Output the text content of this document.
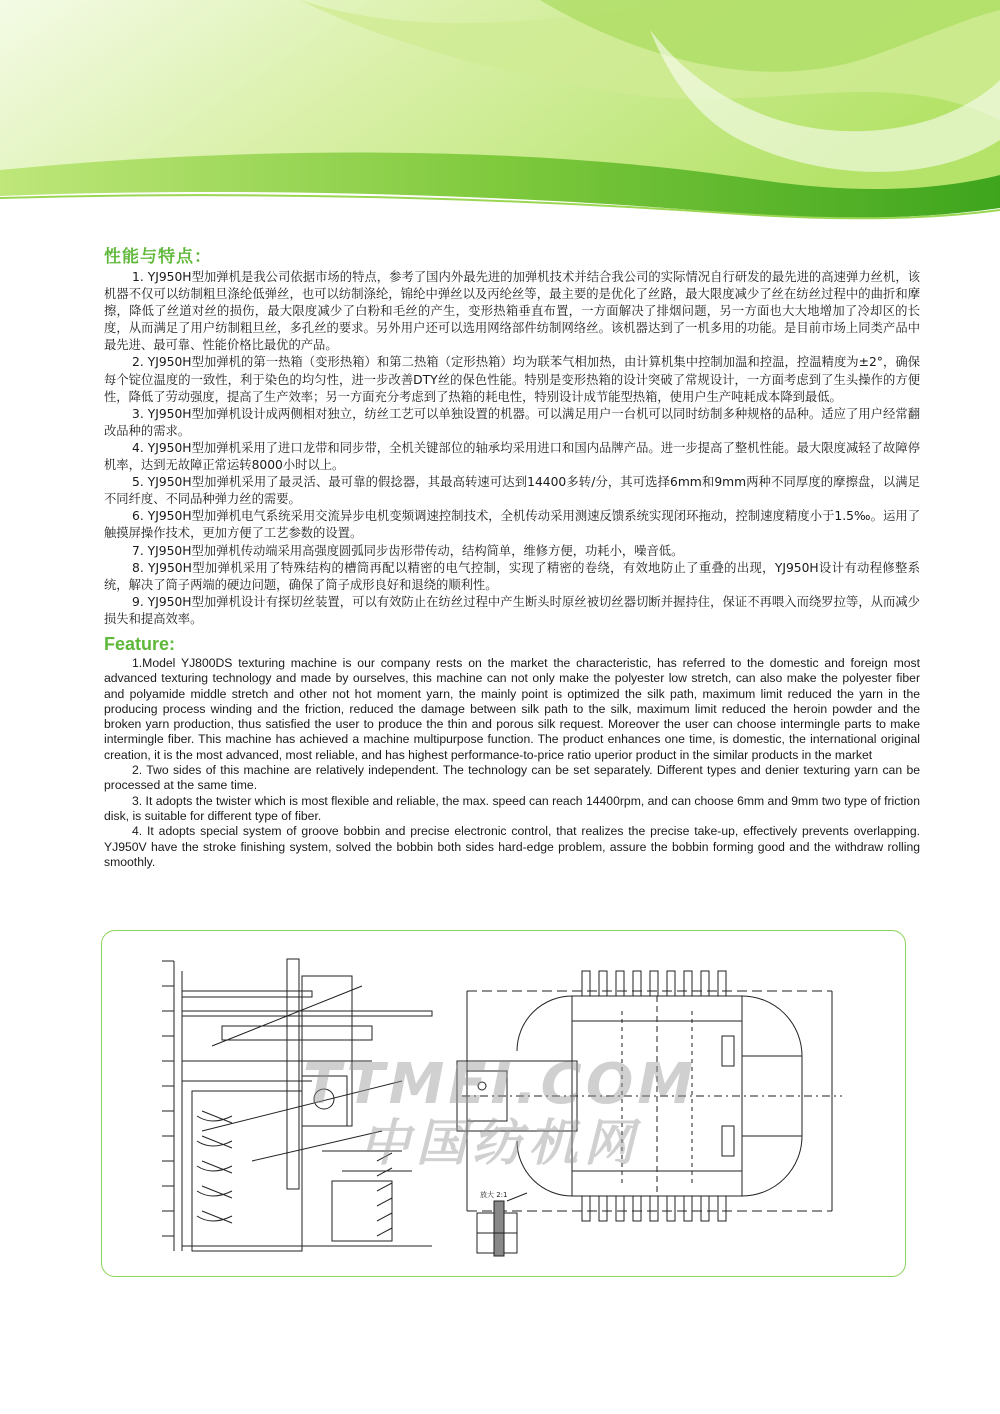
性能与特点：

1. YJ950H型加弹机是我公司依据市场的特点，参考了国内外最先进的加弹机技术并结合我公司的实际情况自行研发的最先进的高速弹力丝机，该机器不仅可以纺制粗旦涤纶低弹丝，也可以纺制涤纶，锦纶中弹丝以及丙纶丝等，最主要的是优化了丝路，最大限度减少了丝在纺丝过程中的曲折和摩擦，降低了丝道对丝的损伤，最大限度减少了白粉和毛丝的产生，变形热箱垂直布置，一方面解决了排烟问题，另一方面也大大地增加了冷却区的长度，从而满足了用户纺制粗旦丝，多孔丝的要求。另外用户还可以选用网络部件纺制网络丝。该机器达到了一机多用的功能。是目前市场上同类产品中最先进、最可靠、性能价格比最优的产品。

2. YJ950H型加弹机的第一热箱（变形热箱）和第二热箱（定形热箱）均为联苯气相加热，由计算机集中控制加温和控温，控温精度为±2°，确保每个锭位温度的一致性，利于染色的均匀性，进一步改善DTY丝的保色性能。特别是变形热箱的设计突破了常规设计，一方面考虑到了生头操作的方便性，降低了劳动强度，提高了生产效率；另一方面充分考虑到了热箱的耗电性，特别设计成节能型热箱，使用户生产吨耗成本降到最低。

3. YJ950H型加弹机设计成两侧相对独立，纺丝工艺可以单独设置的机器。可以满足用户一台机可以同时纺制多种规格的品种。适应了用户经常翻改品种的需求。

4. YJ950H型加弹机采用了进口龙带和同步带，全机关键部位的轴承均采用进口和国内品牌产品。进一步提高了整机性能。最大限度减轻了故障停机率，达到无故障正常运转8000小时以上。

5. YJ950H型加弹机采用了最灵活、最可靠的假捻器，其最高转速可达到14400多转/分，其可选择6mm和9mm两种不同厚度的摩擦盘，以满足不同纤度、不同品种弹力丝的需要。

6. YJ950H型加弹机电气系统采用交流异步电机变频调速控制技术，全机传动采用测速反馈系统实现闭环拖动，控制速度精度小于1.5‰。运用了触摸屏操作技术，更加方便了工艺参数的设置。

7. YJ950H型加弹机传动端采用高强度圆弧同步齿形带传动，结构简单，维修方便，功耗小，噪音低。

8. YJ950H型加弹机采用了特殊结构的槽筒再配以精密的电气控制，实现了精密的卷绕，有效地防止了重叠的出现，YJ950H设计有动程修整系统，解决了筒子两端的硬边问题，确保了筒子成形良好和退绕的顺利性。

9. YJ950H型加弹机设计有探切丝装置，可以有效防止在纺丝过程中产生断头时原丝被切丝器切断并握持住，保证不再喂入而绕罗拉等，从而减少损失和提高效率。

Feature:

1.Model YJ800DS texturing machine is our company rests on the market the characteristic, has referred to the domestic and foreign most advanced texturing technology and made by ourselves, this machine can not only make the polyester low stretch, can also make the polyester fiber and polyamide middle stretch and other not hot moment yarn, the mainly point is optimized the silk path, maximum limit reduced the yarn in the producing process winding and the friction, reduced the damage between silk path to the silk, maximum limit reduced the heroin powder and the broken yarn production, thus satisfied the user to produce the thin and porous silk request. Moreover the user can choose intermingle parts to make intermingle fiber. This machine has achieved a machine multipurpose function. The product enhances one time, is domestic, the international original creation, it is the most advanced, most reliable, and has highest performance-to-price ratio uperior product in the similar products in the market

2. Two sides of this machine are relatively independent. The technology can be set separately. Different types and denier texturing yarn can be processed at the same time.

3. It adopts the twister which is most flexible and reliable, the max. speed can reach 14400rpm, and can choose 6mm and 9mm two type of friction disk, is suitable for different type of fiber.

4. It adopts special system of groove bobbin and precise electronic control, that realizes the precise take-up, effectively prevents overlapping. YJ950V have the stroke finishing system, solved the bobbin both sides hard-edge problem, assure the bobbin forming good and the withdraw rolling smoothly.

放大 2:1
TTMEI.COM
中国纺机网
